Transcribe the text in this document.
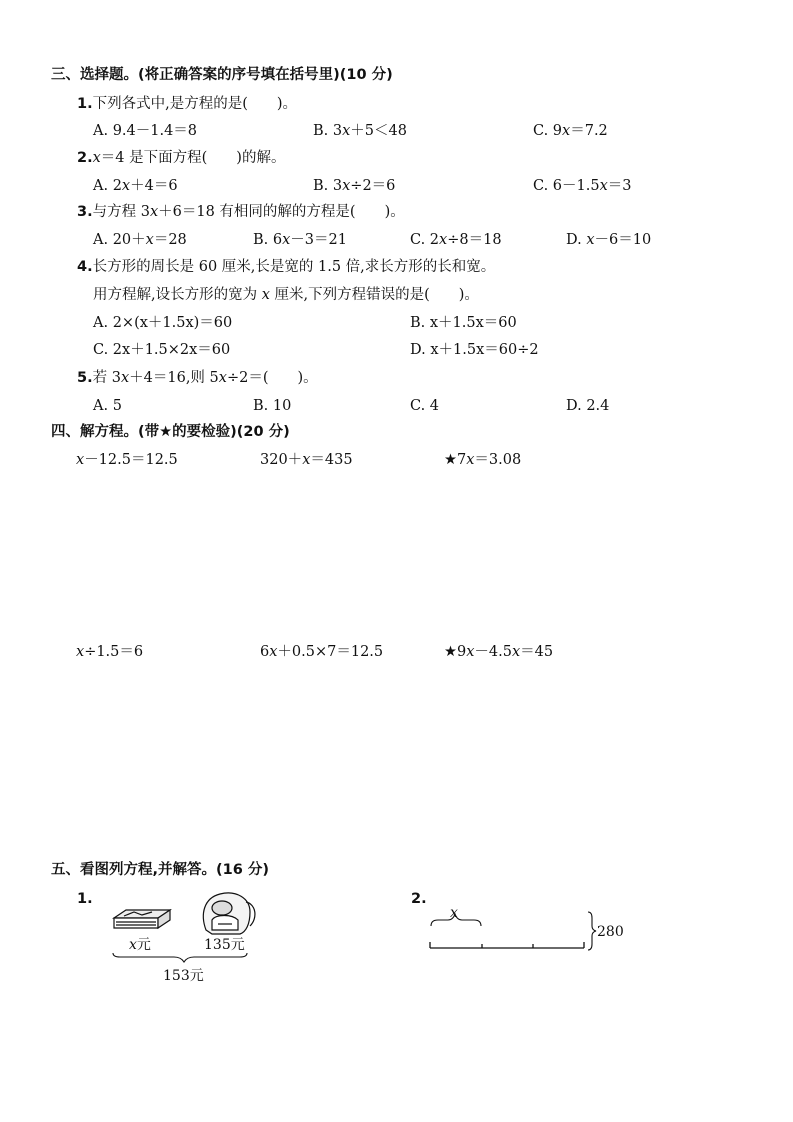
三、选择题。(将正确答案的序号填在括号里)(10 分)
1.下列各式中,是方程的是(　　)。
A. 9.4－1.4＝8	B. 3x＋5＜48	C. 9x＝7.2
2.x＝4 是下面方程(　　)的解。
A. 2x＋4＝6	B. 3x÷2＝6	C. 6－1.5x＝3
3.与方程 3x＋6＝18 有相同的解的方程是(　　)。
A. 20＋x＝28	B. 6x－3＝21	C. 2x÷8＝18	D. x－6＝10
4.长方形的周长是 60 厘米,长是宽的 1.5 倍,求长方形的长和宽。
用方程解,设长方形的宽为 x 厘米,下列方程错误的是(　　)。
A. 2×(x＋1.5x)＝60	B. x＋1.5x＝60
C. 2x＋1.5×2x＝60	D. x＋1.5x＝60÷2
5.若 3x＋4＝16,则 5x÷2＝(　　)。
A. 5	B. 10	C. 4	D. 2.4
四、解方程。(带★的要检验)(20 分)
x－12.5＝12.5	320＋x＝435	★7x＝3.08
x÷1.5＝6	6x＋0.5×7＝12.5	★9x－4.5x＝45
五、看图列方程,并解答。(16 分)
1.
x元	135元
153元
2.
x
280
